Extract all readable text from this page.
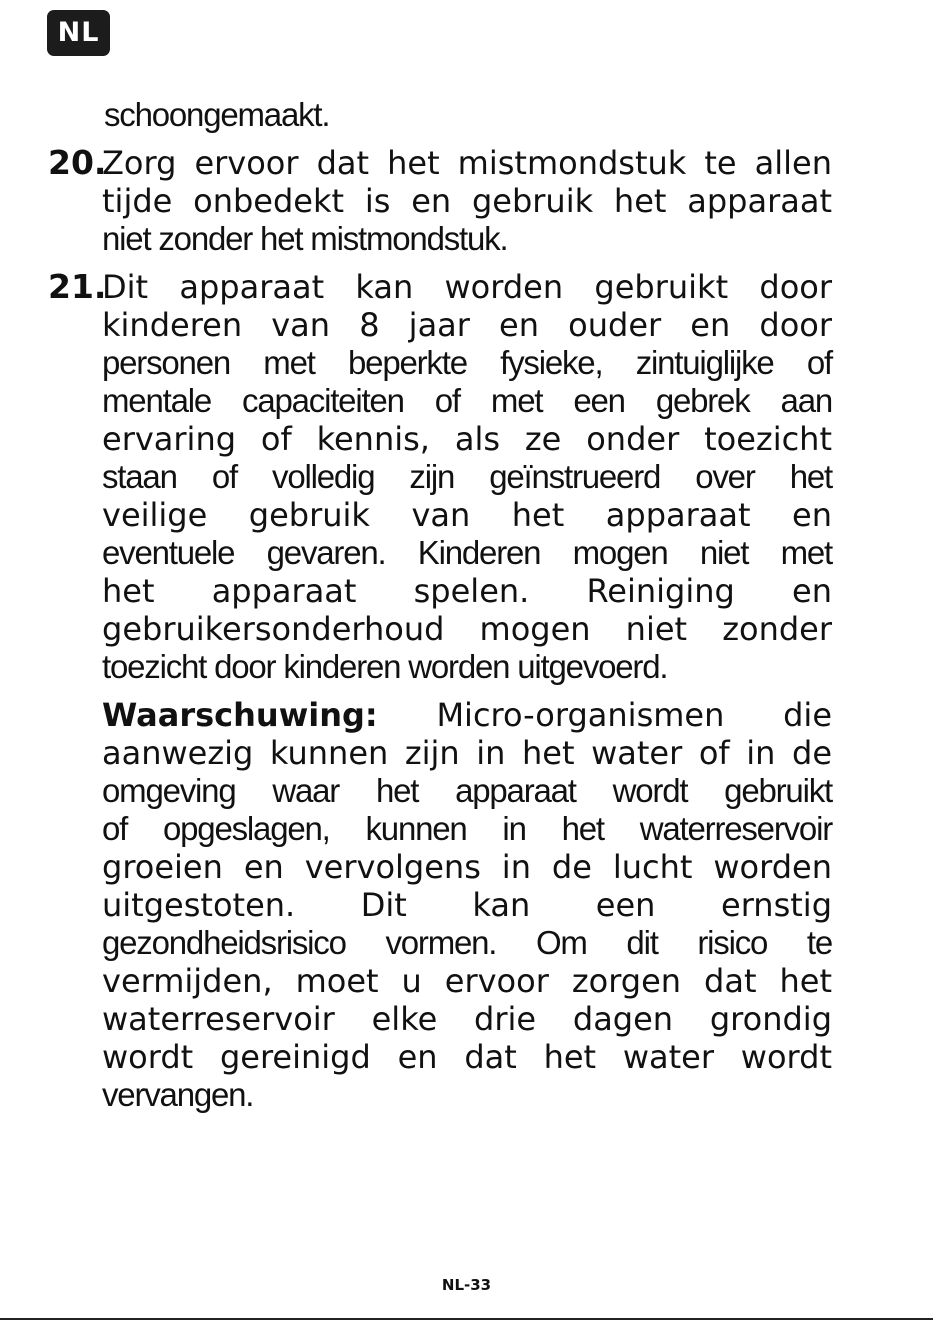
NL
schoongemaakt.
20.
Zorg ervoor dat het mistmondstuk te allen
tijde onbedekt is en gebruik het apparaat
niet zonder het mistmondstuk.
21.
Dit apparaat kan worden gebruikt door
kinderen van 8 jaar en ouder en door
personen met beperkte fysieke, zintuiglijke of
mentale capaciteiten of met een gebrek aan
ervaring of kennis, als ze onder toezicht
staan of volledig zijn geïnstrueerd over het
veilige gebruik van het apparaat en
eventuele gevaren. Kinderen mogen niet met
het apparaat spelen. Reiniging en
gebruikersonderhoud mogen niet zonder
toezicht door kinderen worden uitgevoerd.
Waarschuwing: Micro-organismen die
aanwezig kunnen zijn in het water of in de
omgeving waar het apparaat wordt gebruikt
of opgeslagen, kunnen in het waterreservoir
groeien en vervolgens in de lucht worden
uitgestoten. Dit kan een ernstig
gezondheidsrisico vormen. Om dit risico te
vermijden, moet u ervoor zorgen dat het
waterreservoir elke drie dagen grondig
wordt gereinigd en dat het water wordt
vervangen.
NL-33
